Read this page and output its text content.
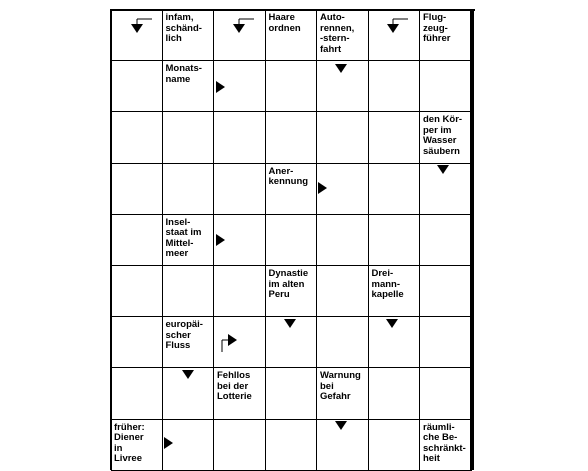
infam,
schänd-
lich
Haare
ordnen
Auto-
rennen,
-stern-
fahrt
Flug-
zeug-
führer
Monats-
name
den Kör-
per im
Wasser
säubern
Aner-
kennung
Insel-
staat im
Mittel-
meer
Dynastie
im alten
Peru
Drei-
mann-
kapelle
europäi-
scher
Fluss
Fehllos
bei der
Lotterie
Warnung
bei
Gefahr
früher:
Diener
in
Livree
räumli-
che Be-
schränkt-
heit
